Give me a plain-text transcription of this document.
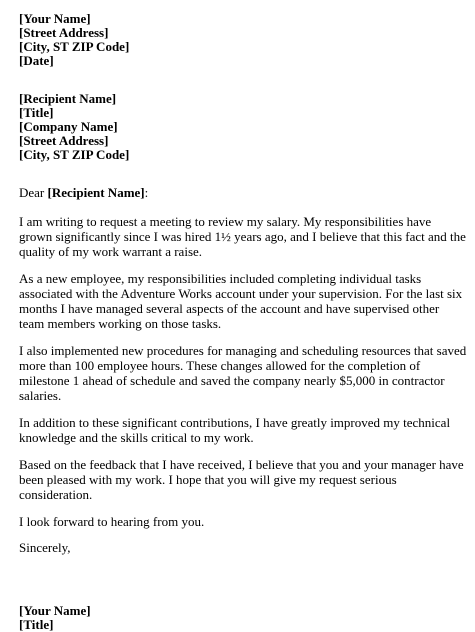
[Your Name]
[Street Address]
[City, ST ZIP Code]
[Date]
[Recipient Name]
[Title]
[Company Name]
[Street Address]
[City, ST ZIP Code]
Dear [Recipient Name]:

I am writing to request a meeting to review my salary. My responsibilities have grown significantly since I was hired 1½ years ago, and I believe that this fact and the quality of my work warrant a raise.

As a new employee, my responsibilities included completing individual tasks associated with the Adventure Works account under your supervision. For the last six months I have managed several aspects of the account and have supervised other team members working on those tasks.

I also implemented new procedures for managing and scheduling resources that saved more than 100 employee hours. These changes allowed for the completion of milestone 1 ahead of schedule and saved the company nearly $5,000 in contractor salaries.

In addition to these significant contributions, I have greatly improved my technical knowledge and the skills critical to my work.

Based on the feedback that I have received, I believe that you and your manager have been pleased with my work. I hope that you will give my request serious consideration.

I look forward to hearing from you.

Sincerely,
[Your Name]
[Title]
